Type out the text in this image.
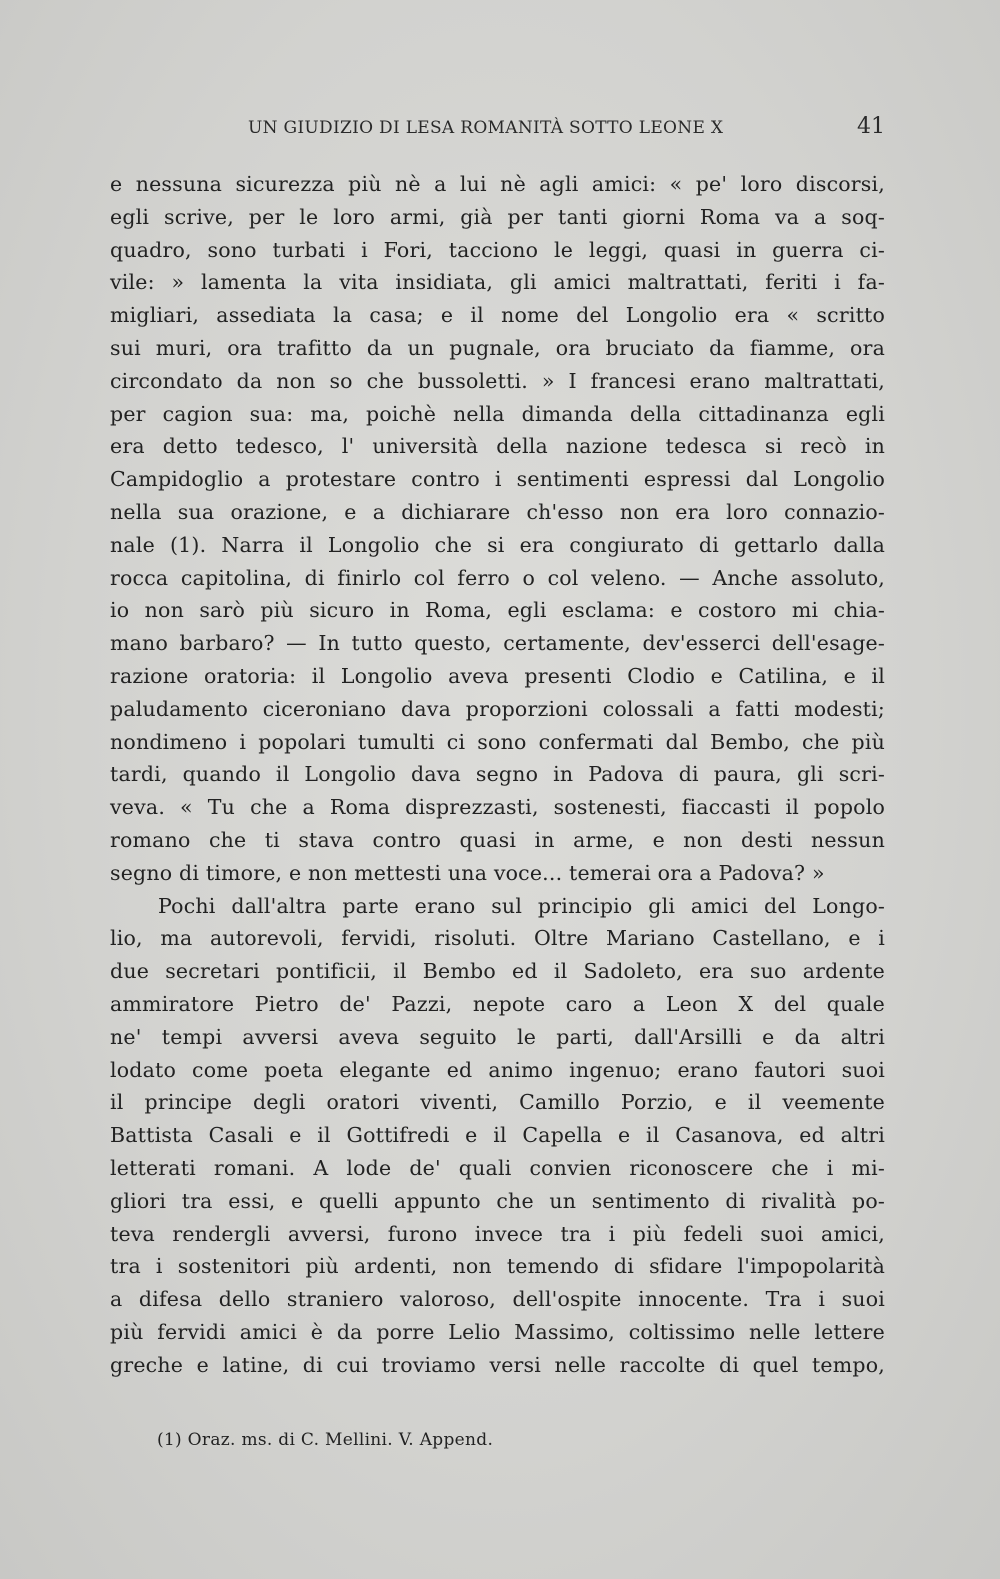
UN GIUDIZIO DI LESA ROMANITÀ SOTTO LEONE X	41
e nessuna sicurezza più nè a lui nè agli amici: « pe' loro discorsi,
egli scrive, per le loro armi, già per tanti giorni Roma va a soq-
quadro, sono turbati i Fori, tacciono le leggi, quasi in guerra ci-
vile: » lamenta la vita insidiata, gli amici maltrattati, feriti i fa-
migliari, assediata la casa; e il nome del Longolio era « scritto
sui muri, ora trafitto da un pugnale, ora bruciato da fiamme, ora
circondato da non so che bussoletti. » I francesi erano maltrattati,
per cagion sua: ma, poichè nella dimanda della cittadinanza egli
era detto tedesco, l' università della nazione tedesca si recò in
Campidoglio a protestare contro i sentimenti espressi dal Longolio
nella sua orazione, e a dichiarare ch'esso non era loro connazio-
nale (1). Narra il Longolio che si era congiurato di gettarlo dalla
rocca capitolina, di finirlo col ferro o col veleno. — Anche assoluto,
io non sarò più sicuro in Roma, egli esclama: e costoro mi chia-
mano barbaro? — In tutto questo, certamente, dev'esserci dell'esage-
razione oratoria: il Longolio aveva presenti Clodio e Catilina, e il
paludamento ciceroniano dava proporzioni colossali a fatti modesti;
nondimeno i popolari tumulti ci sono confermati dal Bembo, che più
tardi, quando il Longolio dava segno in Padova di paura, gli scri-
veva. « Tu che a Roma disprezzasti, sostenesti, fiaccasti il popolo
romano che ti stava contro quasi in arme, e non desti nessun
segno di timore, e non mettesti una voce... temerai ora a Padova? »
Pochi dall'altra parte erano sul principio gli amici del Longo-
lio, ma autorevoli, fervidi, risoluti. Oltre Mariano Castellano, e i
due secretari pontificii, il Bembo ed il Sadoleto, era suo ardente
ammiratore Pietro de' Pazzi, nepote caro a Leon X del quale
ne' tempi avversi aveva seguito le parti, dall'Arsilli e da altri
lodato come poeta elegante ed animo ingenuo; erano fautori suoi
il principe degli oratori viventi, Camillo Porzio, e il veemente
Battista Casali e il Gottifredi e il Capella e il Casanova, ed altri
letterati romani. A lode de' quali convien riconoscere che i mi-
gliori tra essi, e quelli appunto che un sentimento di rivalità po-
teva rendergli avversi, furono invece tra i più fedeli suoi amici,
tra i sostenitori più ardenti, non temendo di sfidare l'impopolarità
a difesa dello straniero valoroso, dell'ospite innocente. Tra i suoi
più fervidi amici è da porre Lelio Massimo, coltissimo nelle lettere
greche e latine, di cui troviamo versi nelle raccolte di quel tempo,
(1) Oraz. ms. di C. Mellini. V. Append.
